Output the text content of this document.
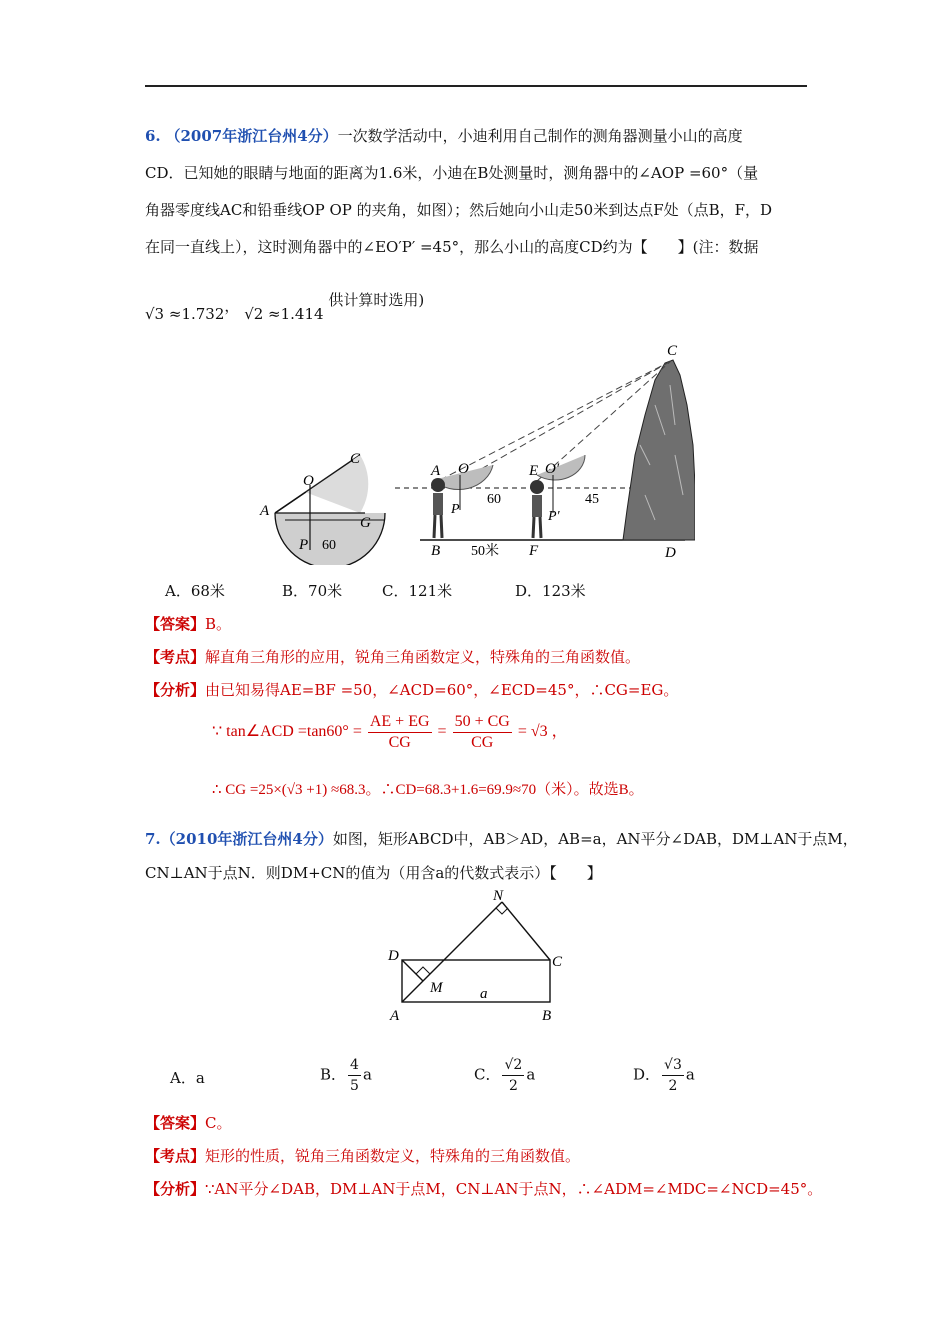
6. （2007年浙江台州4分）一次数学活动中，小迪利用自己制作的测角器测量小山的高度
CD．已知她的眼睛与地面的距离为1.6米，小迪在B处测量时，测角器中的∠AOP =60°（量
角器零度线AC和铅垂线OP OP 的夹角，如图）；然后她向小山走50米到达点F处（点B，F，D
在同一直线上），这时测角器中的∠EO′P′ =45°，那么小山的高度CD约为【　　】(注：数据
√3 ≈1.732， √2 ≈1.414 供计算时选用)
A
O
C
G
P 60
A O
P
60
B 50米
E O′
P′
45
F	D
C
A．68米	B．70米	C．121米	D．123米
【答案】B。
【考点】解直角三角形的应用，锐角三角函数定义，特殊角的三角函数值。
【分析】由已知易得AE=BF =50，∠ACD=60°，∠ECD=45°，∴CG=EG。
∵ tan∠ACD $=\tan 60^\circ = \frac{AE + EG}{CG} = \frac{50 + CG}{CG} = √3$ ，
∴ CG =25×(√3 +1) ≈68.3。∴CD=68.3+1.6=69.9≈70（米）。故选B。
7.（2010年浙江台州4分）如图，矩形ABCD中，AB＞AD，AB=a，AN平分∠DAB，DM⊥AN于点M，
CN⊥AN于点N．则DM+CN的值为（用含a的代数式表示）【　　】
N
D	C
M	a
A	B
A．a	B． $\frac{4}{5}$ a	C． $\frac{√2}{2}$ a	D． $\frac{√3}{2}$ a
【答案】C。
【考点】矩形的性质，锐角三角函数定义，特殊角的三角函数值。
【分析】∵AN平分∠DAB，DM⊥AN于点M，CN⊥AN于点N，∴∠ADM=∠MDC=∠NCD=45°。
